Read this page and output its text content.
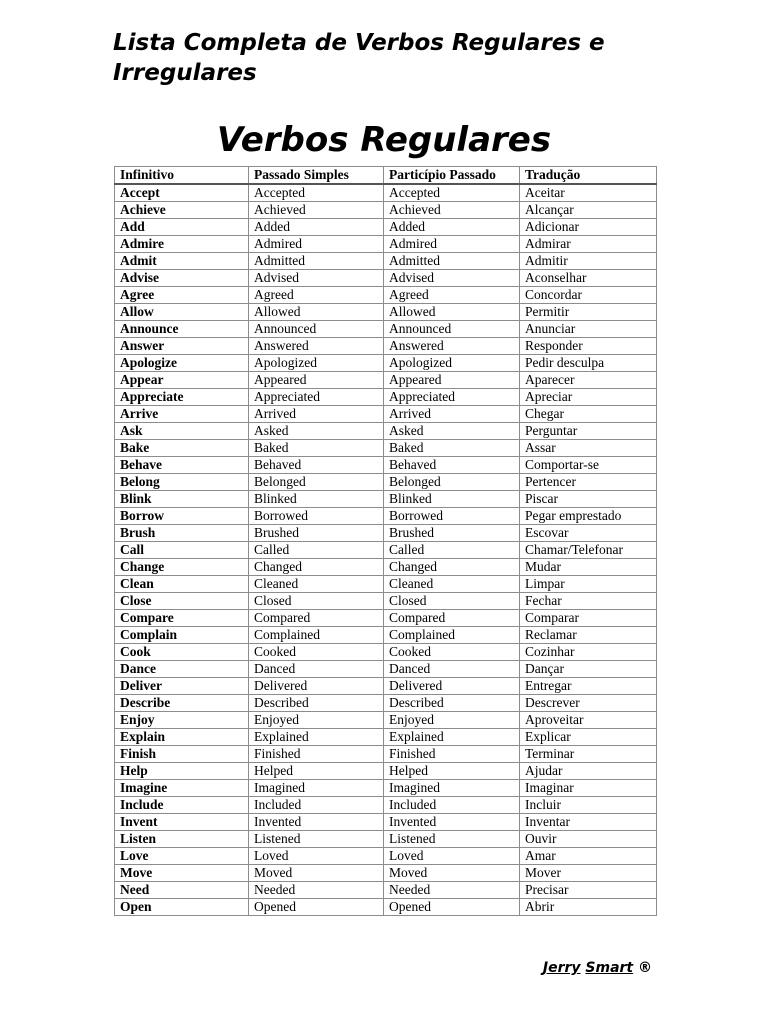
Lista Completa de Verbos Regulares e Irregulares
Verbos Regulares
Infinitivo	Passado Simples	Particípio Passado	Tradução
Accept	Accepted	Accepted	Aceitar
Achieve	Achieved	Achieved	Alcançar
Add	Added	Added	Adicionar
Admire	Admired	Admired	Admirar
Admit	Admitted	Admitted	Admitir
Advise	Advised	Advised	Aconselhar
Agree	Agreed	Agreed	Concordar
Allow	Allowed	Allowed	Permitir
Announce	Announced	Announced	Anunciar
Answer	Answered	Answered	Responder
Apologize	Apologized	Apologized	Pedir desculpa
Appear	Appeared	Appeared	Aparecer
Appreciate	Appreciated	Appreciated	Apreciar
Arrive	Arrived	Arrived	Chegar
Ask	Asked	Asked	Perguntar
Bake	Baked	Baked	Assar
Behave	Behaved	Behaved	Comportar-se
Belong	Belonged	Belonged	Pertencer
Blink	Blinked	Blinked	Piscar
Borrow	Borrowed	Borrowed	Pegar emprestado
Brush	Brushed	Brushed	Escovar
Call	Called	Called	Chamar/Telefonar
Change	Changed	Changed	Mudar
Clean	Cleaned	Cleaned	Limpar
Close	Closed	Closed	Fechar
Compare	Compared	Compared	Comparar
Complain	Complained	Complained	Reclamar
Cook	Cooked	Cooked	Cozinhar
Dance	Danced	Danced	Dançar
Deliver	Delivered	Delivered	Entregar
Describe	Described	Described	Descrever
Enjoy	Enjoyed	Enjoyed	Aproveitar
Explain	Explained	Explained	Explicar
Finish	Finished	Finished	Terminar
Help	Helped	Helped	Ajudar
Imagine	Imagined	Imagined	Imaginar
Include	Included	Included	Incluir
Invent	Invented	Invented	Inventar
Listen	Listened	Listened	Ouvir
Love	Loved	Loved	Amar
Move	Moved	Moved	Mover
Need	Needed	Needed	Precisar
Open	Opened	Opened	Abrir
Jerry Smart ®
